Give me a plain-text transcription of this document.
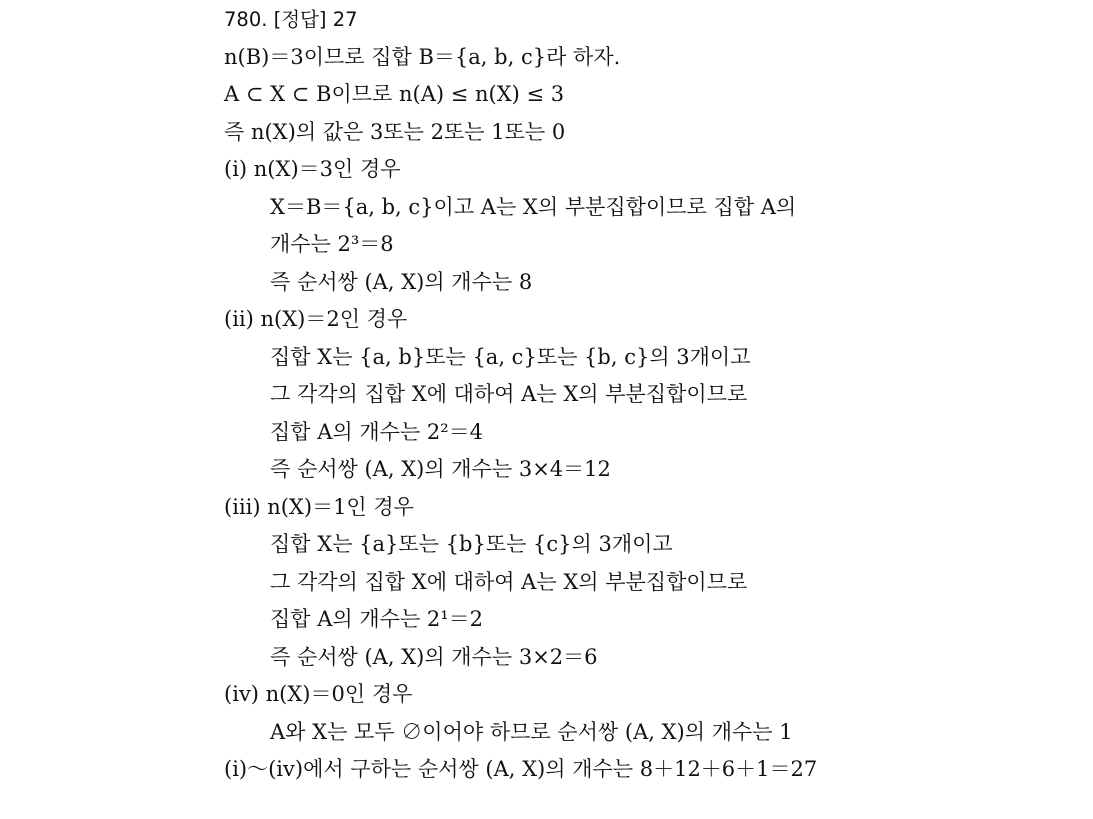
780. [정답] 27
n(B)＝3이므로 집합 B＝{a, b, c}라 하자.
A ⊂ X ⊂ B이므로 n(A) ≤ n(X) ≤ 3
즉 n(X)의 값은 3또는 2또는 1또는 0
(ⅰ) n(X)＝3인 경우
X＝B＝{a, b, c}이고 A는 X의 부분집합이므로 집합 A의
개수는 2³＝8
즉 순서쌍 (A, X)의 개수는 8
(ⅱ) n(X)＝2인 경우
집합 X는 {a, b}또는 {a, c}또는 {b, c}의 3개이고
그 각각의 집합 X에 대하여 A는 X의 부분집합이므로
집합 A의 개수는 2²＝4
즉 순서쌍 (A, X)의 개수는 3×4＝12
(ⅲ) n(X)＝1인 경우
집합 X는 {a}또는 {b}또는 {c}의 3개이고
그 각각의 집합 X에 대하여 A는 X의 부분집합이므로
집합 A의 개수는 2¹＝2
즉 순서쌍 (A, X)의 개수는 3×2＝6
(ⅳ) n(X)＝0인 경우
A와 X는 모두 ∅이어야 하므로 순서쌍 (A, X)의 개수는 1
(ⅰ)～(ⅳ)에서 구하는 순서쌍 (A, X)의 개수는 8＋12＋6＋1＝27
